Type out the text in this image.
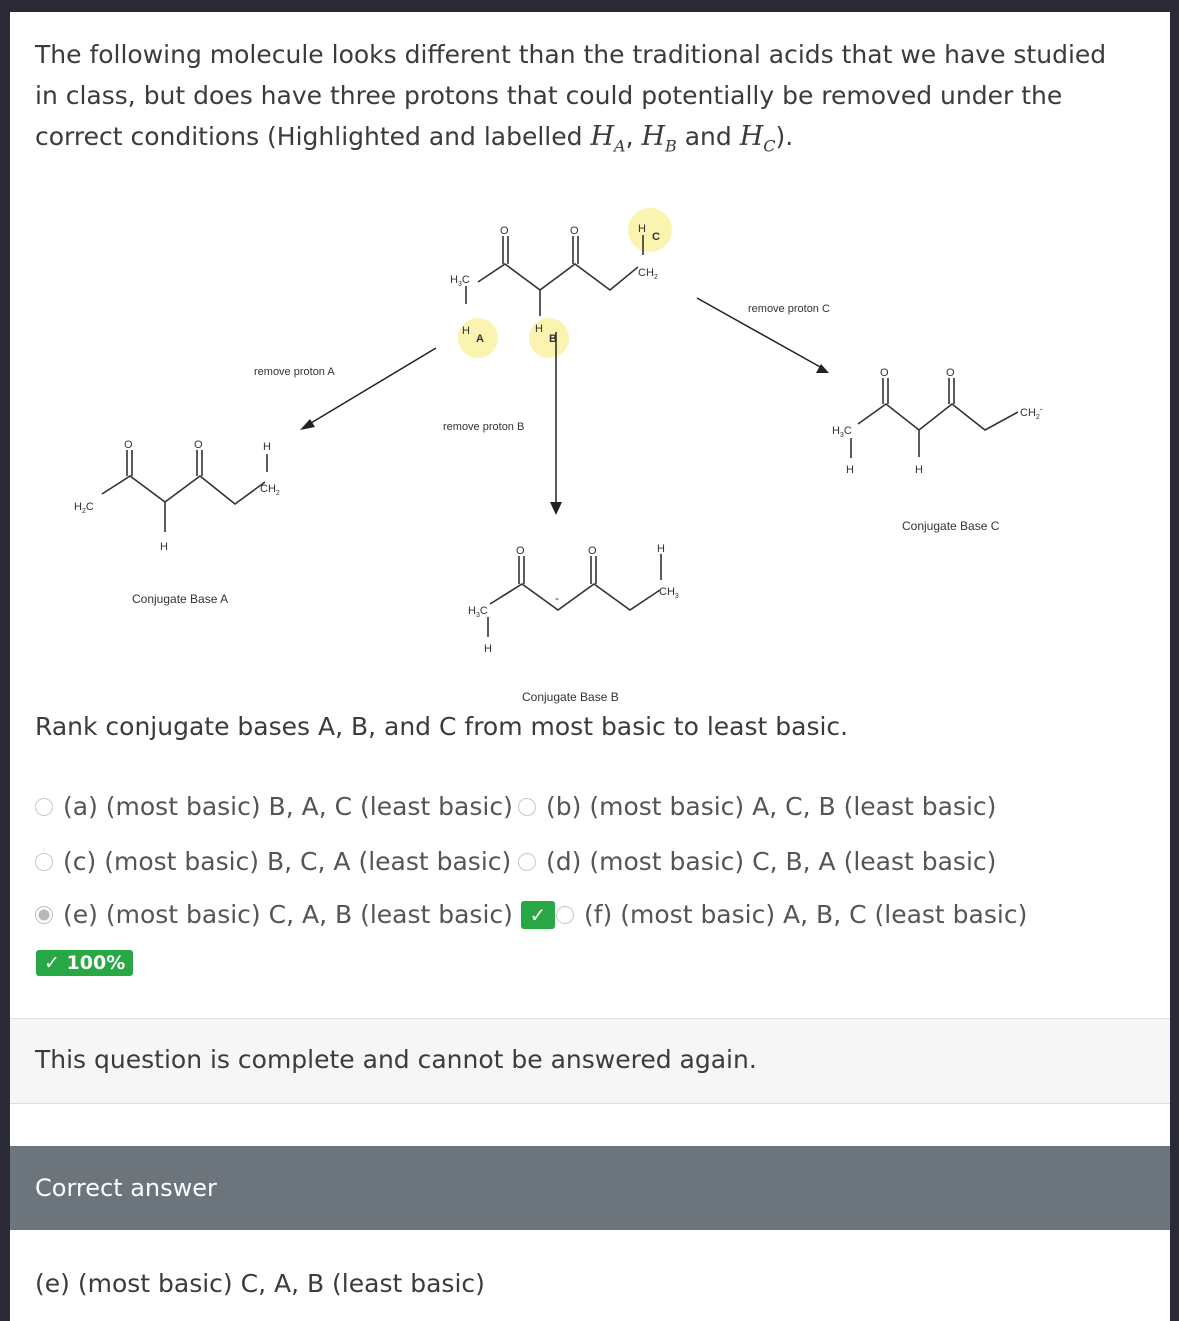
The following molecule looks different than the traditional acids that we have studied in class, but does have three protons that could potentially be removed under the correct conditions (Highlighted and labelled $H_A$, $H_B$ and $H_C$).

O	O
$H_3C$
H
A
H
B
H
C
$CH_2$
remove proton A
remove proton B
remove proton C
O	O
$H_2C$
H
H
$CH_2$
Conjugate Base A
O	O
-
$H_3C$
H
H
$CH_3$
Conjugate Base B
O	O
$H_3C$
H	H
$CH_2^-$
Conjugate Base C

Rank conjugate bases A, B, and C from most basic to least basic.

(a)
(most basic) B, A, C (least basic) (b)
(most basic) A, C, B (least basic)
(c)
(most basic) B, C, A (least basic) (d)
(most basic) C, B, A (least basic)
(e)
(most basic) C, A, B (least basic) ✓	(f)
(most basic) A, B, C (least basic)
✓ 100%
This question is complete and cannot be answered again.
Correct answer
(e) (most basic) C, A, B (least basic)
